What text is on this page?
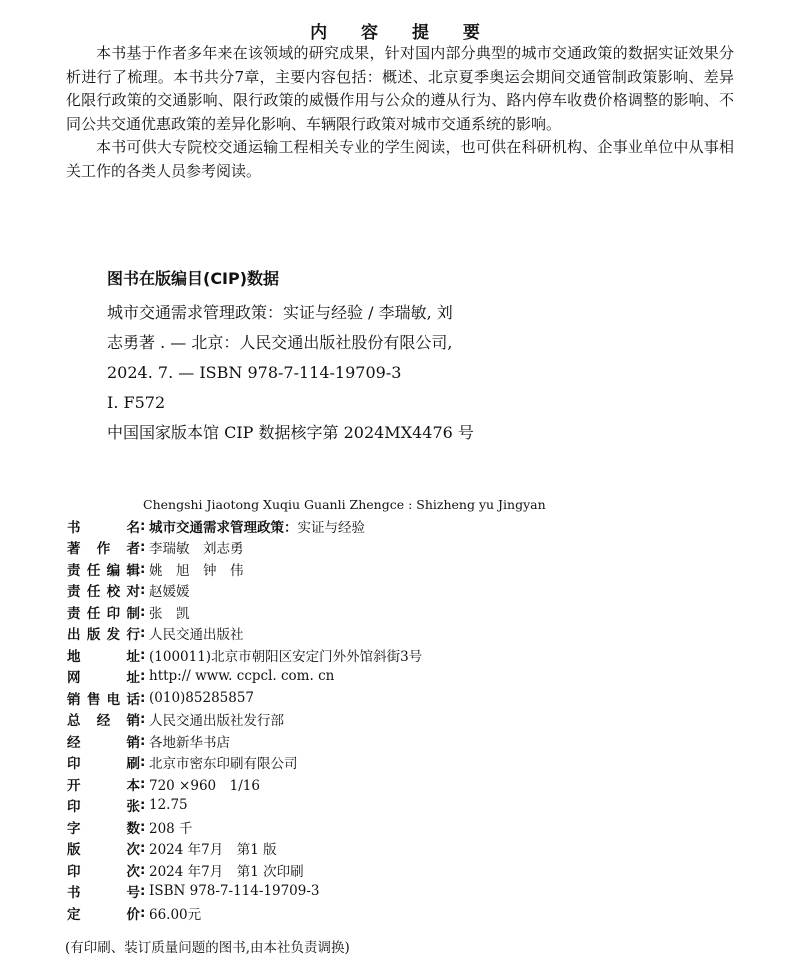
内 容 提 要

本书基于作者多年来在该领域的研究成果，针对国内部分典型的城市交通政策的数据实证效果分析进行了梳理。本书共分7章，主要内容包括：概述、北京夏季奥运会期间交通管制政策影响、差异化限行政策的交通影响、限行政策的威慑作用与公众的遵从行为、路内停车收费价格调整的影响、不同公共交通优惠政策的差异化影响、车辆限行政策对城市交通系统的影响。

本书可供大专院校交通运输工程相关专业的学生阅读，也可供在科研机构、企事业单位中从事相关工作的各类人员参考阅读。

图书在版编目(CIP)数据
城市交通需求管理政策：实证与经验 / 李瑞敏, 刘
志勇著 . — 北京：人民交通出版社股份有限公司,
2024. 7. — ISBN 978-7-114-19709-3
Ⅰ. F572
中国国家版本馆 CIP 数据核字第 2024MX4476 号
Chengshi Jiaotong Xuqiu Guanli Zhengce : Shizheng yu Jingyan
书	名 : 城市交通需求管理政策：实证与经验
著 作 者 : 李瑞敏　刘志勇
责 任 编 辑 : 姚　旭　钟　伟
责 任 校 对 : 赵媛媛
责 任 印 制 : 张　凯
出 版 发 行 : 人民交通出版社
地	址 : (100011)北京市朝阳区安定门外外馆斜街3号
网	址 : http:// www. ccpcl. com. cn
销 售 电 话 : (010)85285857
总 经 销 : 人民交通出版社发行部
经	销 : 各地新华书店
印	刷 : 北京市密东印刷有限公司
开	本 : 720 ×960　1/16
印	张 : 12.75
字	数 : 208 千
版	次 : 2024 年7月　第1 版
印	次 : 2024 年7月　第1 次印刷
书	号 : ISBN 978-7-114-19709-3
定	价 : 66.00元
(有印刷、装订质量问题的图书,由本社负责调换)
